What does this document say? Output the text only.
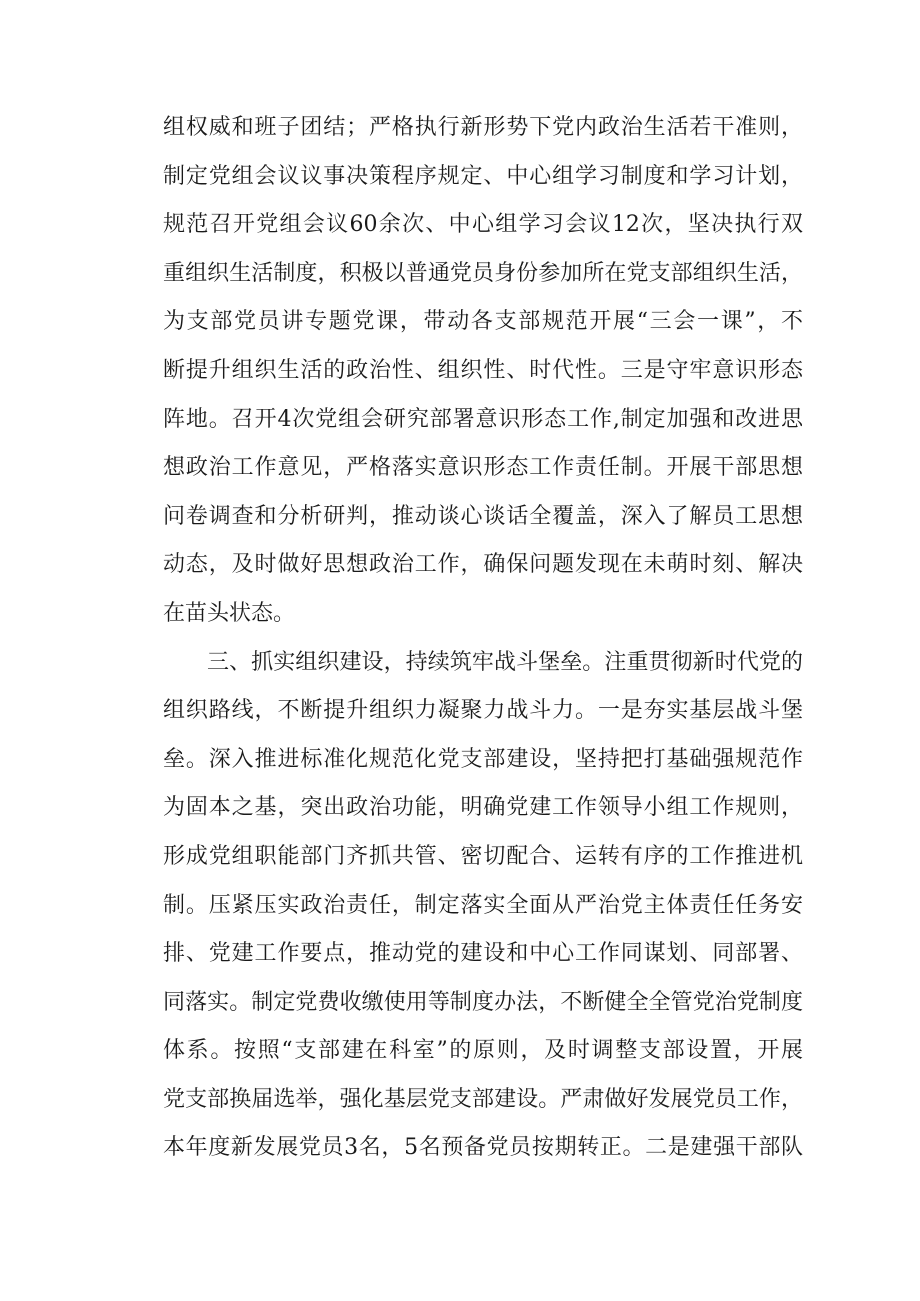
组权威和班子团结；严格执行新形势下党内政治生活若干准则，
制定党组会议议事决策程序规定、中心组学习制度和学习计划，
规范召开党组会议60余次、中心组学习会议12次，坚决执行双
重组织生活制度，积极以普通党员身份参加所在党支部组织生活，
为支部党员讲专题党课，带动各支部规范开展“三会一课”，不
断提升组织生活的政治性、组织性、时代性。三是守牢意识形态
阵地。召开4次党组会研究部署意识形态工作,制定加强和改进思
想政治工作意见，严格落实意识形态工作责任制。开展干部思想
问卷调查和分析研判，推动谈心谈话全覆盖，深入了解员工思想
动态，及时做好思想政治工作，确保问题发现在未萌时刻、解决
在苗头状态。
三、抓实组织建设，持续筑牢战斗堡垒。注重贯彻新时代党的
组织路线，不断提升组织力凝聚力战斗力。一是夯实基层战斗堡
垒。深入推进标准化规范化党支部建设，坚持把打基础强规范作
为固本之基，突出政治功能，明确党建工作领导小组工作规则，
形成党组职能部门齐抓共管、密切配合、运转有序的工作推进机
制。压紧压实政治责任，制定落实全面从严治党主体责任任务安
排、党建工作要点，推动党的建设和中心工作同谋划、同部署、
同落实。制定党费收缴使用等制度办法，不断健全全管党治党制度
体系。按照“支部建在科室”的原则，及时调整支部设置，开展
党支部换届选举，强化基层党支部建设。严肃做好发展党员工作，
本年度新发展党员3名，5名预备党员按期转正。二是建强干部队
